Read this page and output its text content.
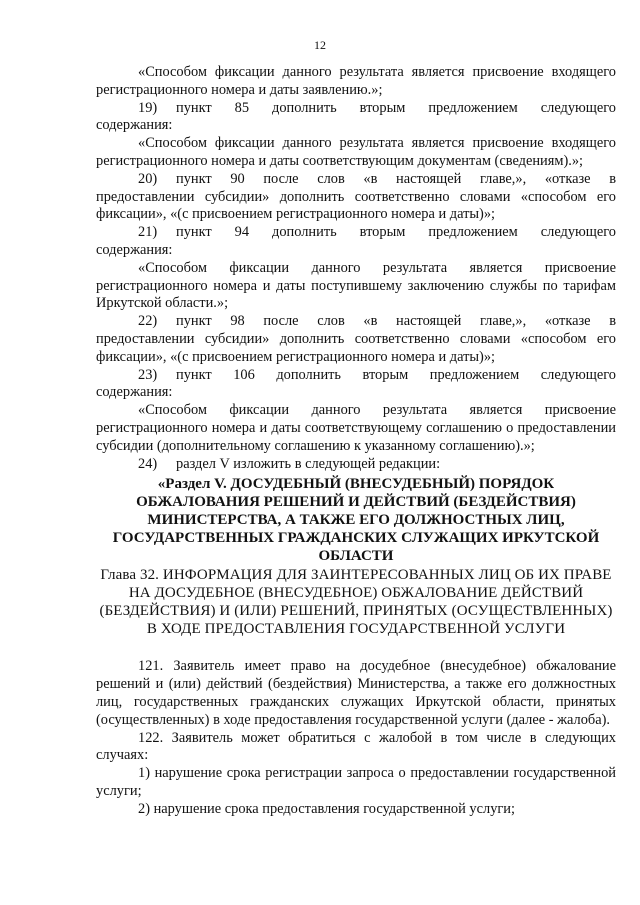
12

«Способом фиксации данного результата является присвоение входящего регистрационного номера и даты заявлению.»;

19)	пункт 85 дополнить вторым предложением следующего

содержания:

«Способом фиксации данного результата является присвоение входящего регистрационного номера и даты соответствующим документам (сведениям).»;

20)	пункт 90 после слов «в настоящей главе,», «отказе в

предоставлении субсидии» дополнить соответственно словами «способом его фиксации», «(с присвоением регистрационного номера и даты)»;

21)	пункт 94 дополнить вторым предложением следующего

содержания:

«Способом фиксации данного результата является присвоение регистрационного номера и даты поступившему заключению службы по тарифам Иркутской области.»;

22)	пункт 98 после слов «в настоящей главе,», «отказе в

предоставлении субсидии» дополнить соответственно словами «способом его фиксации», «(с присвоением регистрационного номера и даты)»;

23)	пункт 106 дополнить вторым предложением следующего

содержания:

«Способом фиксации данного результата является присвоение регистрационного номера и даты соответствующему соглашению о предоставлении субсидии (дополнительному соглашению к указанному соглашению).»;

24)	раздел V изложить в следующей редакции:

«Раздел V. ДОСУДЕБНЫЙ (ВНЕСУДЕБНЫЙ) ПОРЯДОК ОБЖАЛОВАНИЯ РЕШЕНИЙ И ДЕЙСТВИЙ (БЕЗДЕЙСТВИЯ) МИНИСТЕРСТВА, А ТАКЖЕ ЕГО ДОЛЖНОСТНЫХ ЛИЦ, ГОСУДАРСТВЕННЫХ ГРАЖДАНСКИХ СЛУЖАЩИХ ИРКУТСКОЙ ОБЛАСТИ

Глава 32. ИНФОРМАЦИЯ ДЛЯ ЗАИНТЕРЕСОВАННЫХ ЛИЦ ОБ ИХ ПРАВЕ НА ДОСУДЕБНОЕ (ВНЕСУДЕБНОЕ) ОБЖАЛОВАНИЕ ДЕЙСТВИЙ (БЕЗДЕЙСТВИЯ) И (ИЛИ) РЕШЕНИЙ, ПРИНЯТЫХ (ОСУЩЕСТВЛЕННЫХ) В ХОДЕ ПРЕДОСТАВЛЕНИЯ ГОСУДАРСТВЕННОЙ УСЛУГИ

121. Заявитель имеет право на досудебное (внесудебное) обжалование решений и (или) действий (бездействия) Министерства, а также его должностных лиц, государственных гражданских служащих Иркутской области, принятых (осуществленных) в ходе предоставления государственной услуги (далее - жалоба).

122. Заявитель может обратиться с жалобой в том числе в следующих случаях:

1) нарушение срока регистрации запроса о предоставлении государственной услуги;

2) нарушение срока предоставления государственной услуги;
